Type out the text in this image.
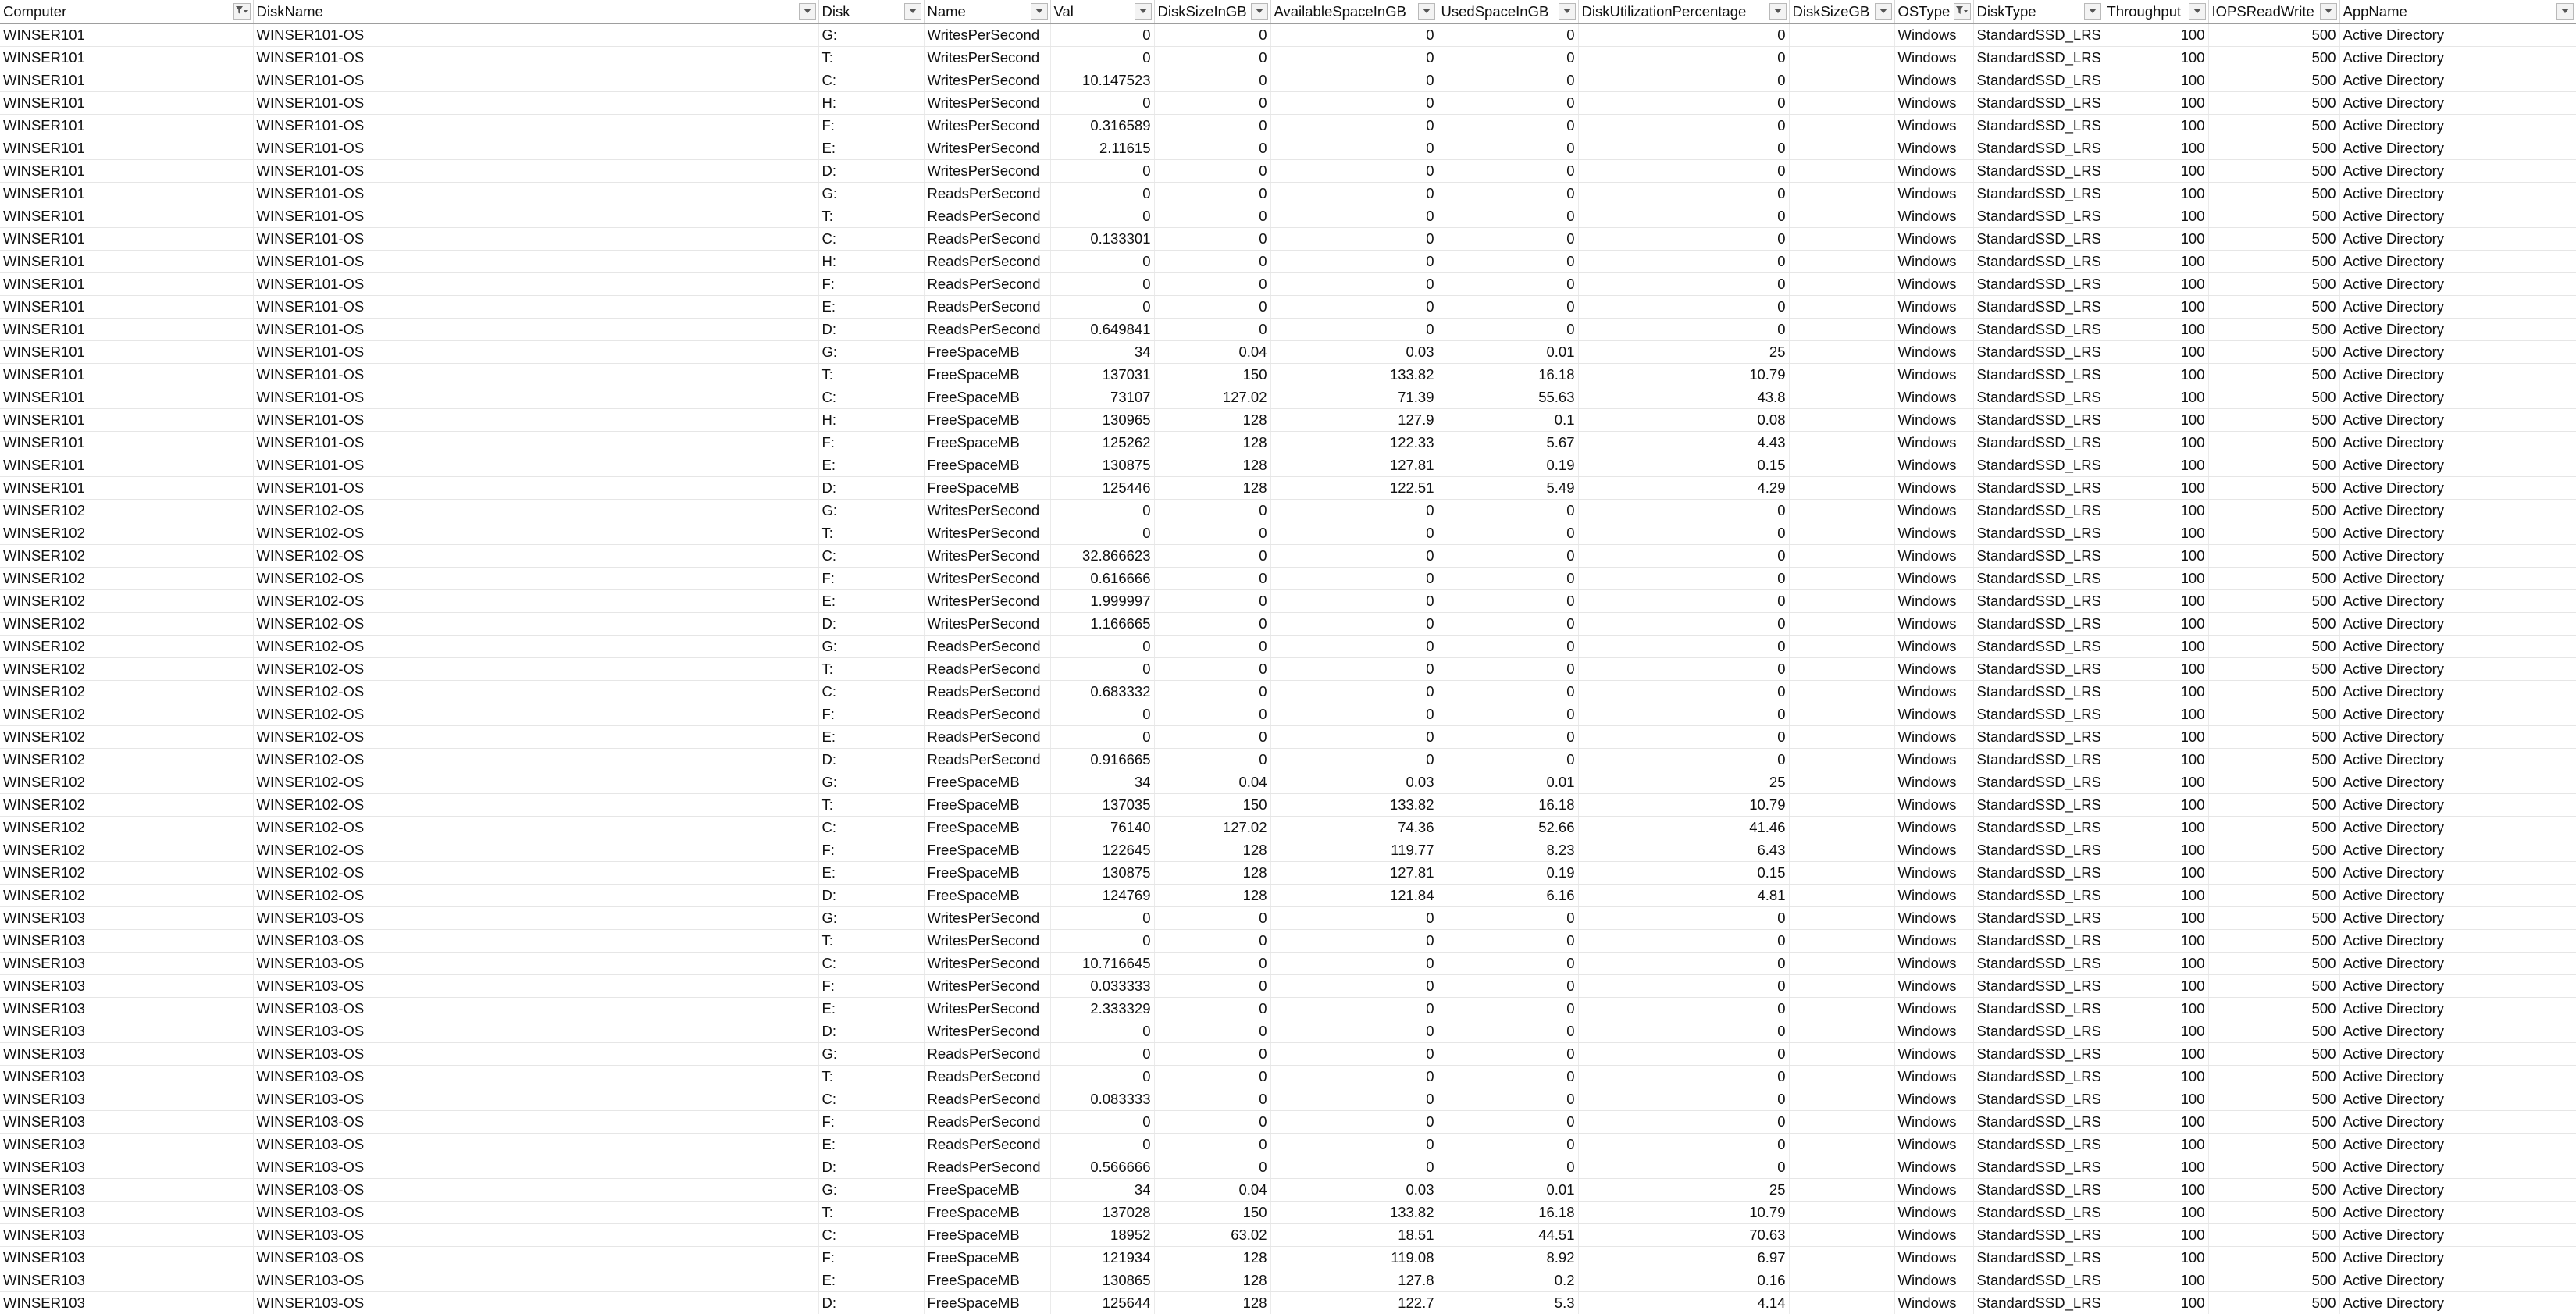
Computer	DiskName	Disk	Name	Val	DiskSizeInGB	AvailableSpaceInGB	UsedSpaceInGB	DiskUtilizationPercentage	DiskSizeGB	OSType	DiskType	Throughput	IOPSReadWrite	AppName

WINSER101	WINSER101-OS	G:	WritesPerSecond	0	0	0	0	0		Windows	StandardSSD_LRS	100	500	Active Directory
WINSER101	WINSER101-OS	T:	WritesPerSecond	0	0	0	0	0		Windows	StandardSSD_LRS	100	500	Active Directory
WINSER101	WINSER101-OS	C:	WritesPerSecond	10.147523	0	0	0	0		Windows	StandardSSD_LRS	100	500	Active Directory
WINSER101	WINSER101-OS	H:	WritesPerSecond	0	0	0	0	0		Windows	StandardSSD_LRS	100	500	Active Directory
WINSER101	WINSER101-OS	F:	WritesPerSecond	0.316589	0	0	0	0		Windows	StandardSSD_LRS	100	500	Active Directory
WINSER101	WINSER101-OS	E:	WritesPerSecond	2.11615	0	0	0	0		Windows	StandardSSD_LRS	100	500	Active Directory
WINSER101	WINSER101-OS	D:	WritesPerSecond	0	0	0	0	0		Windows	StandardSSD_LRS	100	500	Active Directory
WINSER101	WINSER101-OS	G:	ReadsPerSecond	0	0	0	0	0		Windows	StandardSSD_LRS	100	500	Active Directory
WINSER101	WINSER101-OS	T:	ReadsPerSecond	0	0	0	0	0		Windows	StandardSSD_LRS	100	500	Active Directory
WINSER101	WINSER101-OS	C:	ReadsPerSecond	0.133301	0	0	0	0		Windows	StandardSSD_LRS	100	500	Active Directory
WINSER101	WINSER101-OS	H:	ReadsPerSecond	0	0	0	0	0		Windows	StandardSSD_LRS	100	500	Active Directory
WINSER101	WINSER101-OS	F:	ReadsPerSecond	0	0	0	0	0		Windows	StandardSSD_LRS	100	500	Active Directory
WINSER101	WINSER101-OS	E:	ReadsPerSecond	0	0	0	0	0		Windows	StandardSSD_LRS	100	500	Active Directory
WINSER101	WINSER101-OS	D:	ReadsPerSecond	0.649841	0	0	0	0		Windows	StandardSSD_LRS	100	500	Active Directory
WINSER101	WINSER101-OS	G:	FreeSpaceMB	34	0.04	0.03	0.01	25		Windows	StandardSSD_LRS	100	500	Active Directory
WINSER101	WINSER101-OS	T:	FreeSpaceMB	137031	150	133.82	16.18	10.79		Windows	StandardSSD_LRS	100	500	Active Directory
WINSER101	WINSER101-OS	C:	FreeSpaceMB	73107	127.02	71.39	55.63	43.8		Windows	StandardSSD_LRS	100	500	Active Directory
WINSER101	WINSER101-OS	H:	FreeSpaceMB	130965	128	127.9	0.1	0.08		Windows	StandardSSD_LRS	100	500	Active Directory
WINSER101	WINSER101-OS	F:	FreeSpaceMB	125262	128	122.33	5.67	4.43		Windows	StandardSSD_LRS	100	500	Active Directory
WINSER101	WINSER101-OS	E:	FreeSpaceMB	130875	128	127.81	0.19	0.15		Windows	StandardSSD_LRS	100	500	Active Directory
WINSER101	WINSER101-OS	D:	FreeSpaceMB	125446	128	122.51	5.49	4.29		Windows	StandardSSD_LRS	100	500	Active Directory
WINSER102	WINSER102-OS	G:	WritesPerSecond	0	0	0	0	0		Windows	StandardSSD_LRS	100	500	Active Directory
WINSER102	WINSER102-OS	T:	WritesPerSecond	0	0	0	0	0		Windows	StandardSSD_LRS	100	500	Active Directory
WINSER102	WINSER102-OS	C:	WritesPerSecond	32.866623	0	0	0	0		Windows	StandardSSD_LRS	100	500	Active Directory
WINSER102	WINSER102-OS	F:	WritesPerSecond	0.616666	0	0	0	0		Windows	StandardSSD_LRS	100	500	Active Directory
WINSER102	WINSER102-OS	E:	WritesPerSecond	1.999997	0	0	0	0		Windows	StandardSSD_LRS	100	500	Active Directory
WINSER102	WINSER102-OS	D:	WritesPerSecond	1.166665	0	0	0	0		Windows	StandardSSD_LRS	100	500	Active Directory
WINSER102	WINSER102-OS	G:	ReadsPerSecond	0	0	0	0	0		Windows	StandardSSD_LRS	100	500	Active Directory
WINSER102	WINSER102-OS	T:	ReadsPerSecond	0	0	0	0	0		Windows	StandardSSD_LRS	100	500	Active Directory
WINSER102	WINSER102-OS	C:	ReadsPerSecond	0.683332	0	0	0	0		Windows	StandardSSD_LRS	100	500	Active Directory
WINSER102	WINSER102-OS	F:	ReadsPerSecond	0	0	0	0	0		Windows	StandardSSD_LRS	100	500	Active Directory
WINSER102	WINSER102-OS	E:	ReadsPerSecond	0	0	0	0	0		Windows	StandardSSD_LRS	100	500	Active Directory
WINSER102	WINSER102-OS	D:	ReadsPerSecond	0.916665	0	0	0	0		Windows	StandardSSD_LRS	100	500	Active Directory
WINSER102	WINSER102-OS	G:	FreeSpaceMB	34	0.04	0.03	0.01	25		Windows	StandardSSD_LRS	100	500	Active Directory
WINSER102	WINSER102-OS	T:	FreeSpaceMB	137035	150	133.82	16.18	10.79		Windows	StandardSSD_LRS	100	500	Active Directory
WINSER102	WINSER102-OS	C:	FreeSpaceMB	76140	127.02	74.36	52.66	41.46		Windows	StandardSSD_LRS	100	500	Active Directory
WINSER102	WINSER102-OS	F:	FreeSpaceMB	122645	128	119.77	8.23	6.43		Windows	StandardSSD_LRS	100	500	Active Directory
WINSER102	WINSER102-OS	E:	FreeSpaceMB	130875	128	127.81	0.19	0.15		Windows	StandardSSD_LRS	100	500	Active Directory
WINSER102	WINSER102-OS	D:	FreeSpaceMB	124769	128	121.84	6.16	4.81		Windows	StandardSSD_LRS	100	500	Active Directory
WINSER103	WINSER103-OS	G:	WritesPerSecond	0	0	0	0	0		Windows	StandardSSD_LRS	100	500	Active Directory
WINSER103	WINSER103-OS	T:	WritesPerSecond	0	0	0	0	0		Windows	StandardSSD_LRS	100	500	Active Directory
WINSER103	WINSER103-OS	C:	WritesPerSecond	10.716645	0	0	0	0		Windows	StandardSSD_LRS	100	500	Active Directory
WINSER103	WINSER103-OS	F:	WritesPerSecond	0.033333	0	0	0	0		Windows	StandardSSD_LRS	100	500	Active Directory
WINSER103	WINSER103-OS	E:	WritesPerSecond	2.333329	0	0	0	0		Windows	StandardSSD_LRS	100	500	Active Directory
WINSER103	WINSER103-OS	D:	WritesPerSecond	0	0	0	0	0		Windows	StandardSSD_LRS	100	500	Active Directory
WINSER103	WINSER103-OS	G:	ReadsPerSecond	0	0	0	0	0		Windows	StandardSSD_LRS	100	500	Active Directory
WINSER103	WINSER103-OS	T:	ReadsPerSecond	0	0	0	0	0		Windows	StandardSSD_LRS	100	500	Active Directory
WINSER103	WINSER103-OS	C:	ReadsPerSecond	0.083333	0	0	0	0		Windows	StandardSSD_LRS	100	500	Active Directory
WINSER103	WINSER103-OS	F:	ReadsPerSecond	0	0	0	0	0		Windows	StandardSSD_LRS	100	500	Active Directory
WINSER103	WINSER103-OS	E:	ReadsPerSecond	0	0	0	0	0		Windows	StandardSSD_LRS	100	500	Active Directory
WINSER103	WINSER103-OS	D:	ReadsPerSecond	0.566666	0	0	0	0		Windows	StandardSSD_LRS	100	500	Active Directory
WINSER103	WINSER103-OS	G:	FreeSpaceMB	34	0.04	0.03	0.01	25		Windows	StandardSSD_LRS	100	500	Active Directory
WINSER103	WINSER103-OS	T:	FreeSpaceMB	137028	150	133.82	16.18	10.79		Windows	StandardSSD_LRS	100	500	Active Directory
WINSER103	WINSER103-OS	C:	FreeSpaceMB	18952	63.02	18.51	44.51	70.63		Windows	StandardSSD_LRS	100	500	Active Directory
WINSER103	WINSER103-OS	F:	FreeSpaceMB	121934	128	119.08	8.92	6.97		Windows	StandardSSD_LRS	100	500	Active Directory
WINSER103	WINSER103-OS	E:	FreeSpaceMB	130865	128	127.8	0.2	0.16		Windows	StandardSSD_LRS	100	500	Active Directory
WINSER103	WINSER103-OS	D:	FreeSpaceMB	125644	128	122.7	5.3	4.14		Windows	StandardSSD_LRS	100	500	Active Directory
